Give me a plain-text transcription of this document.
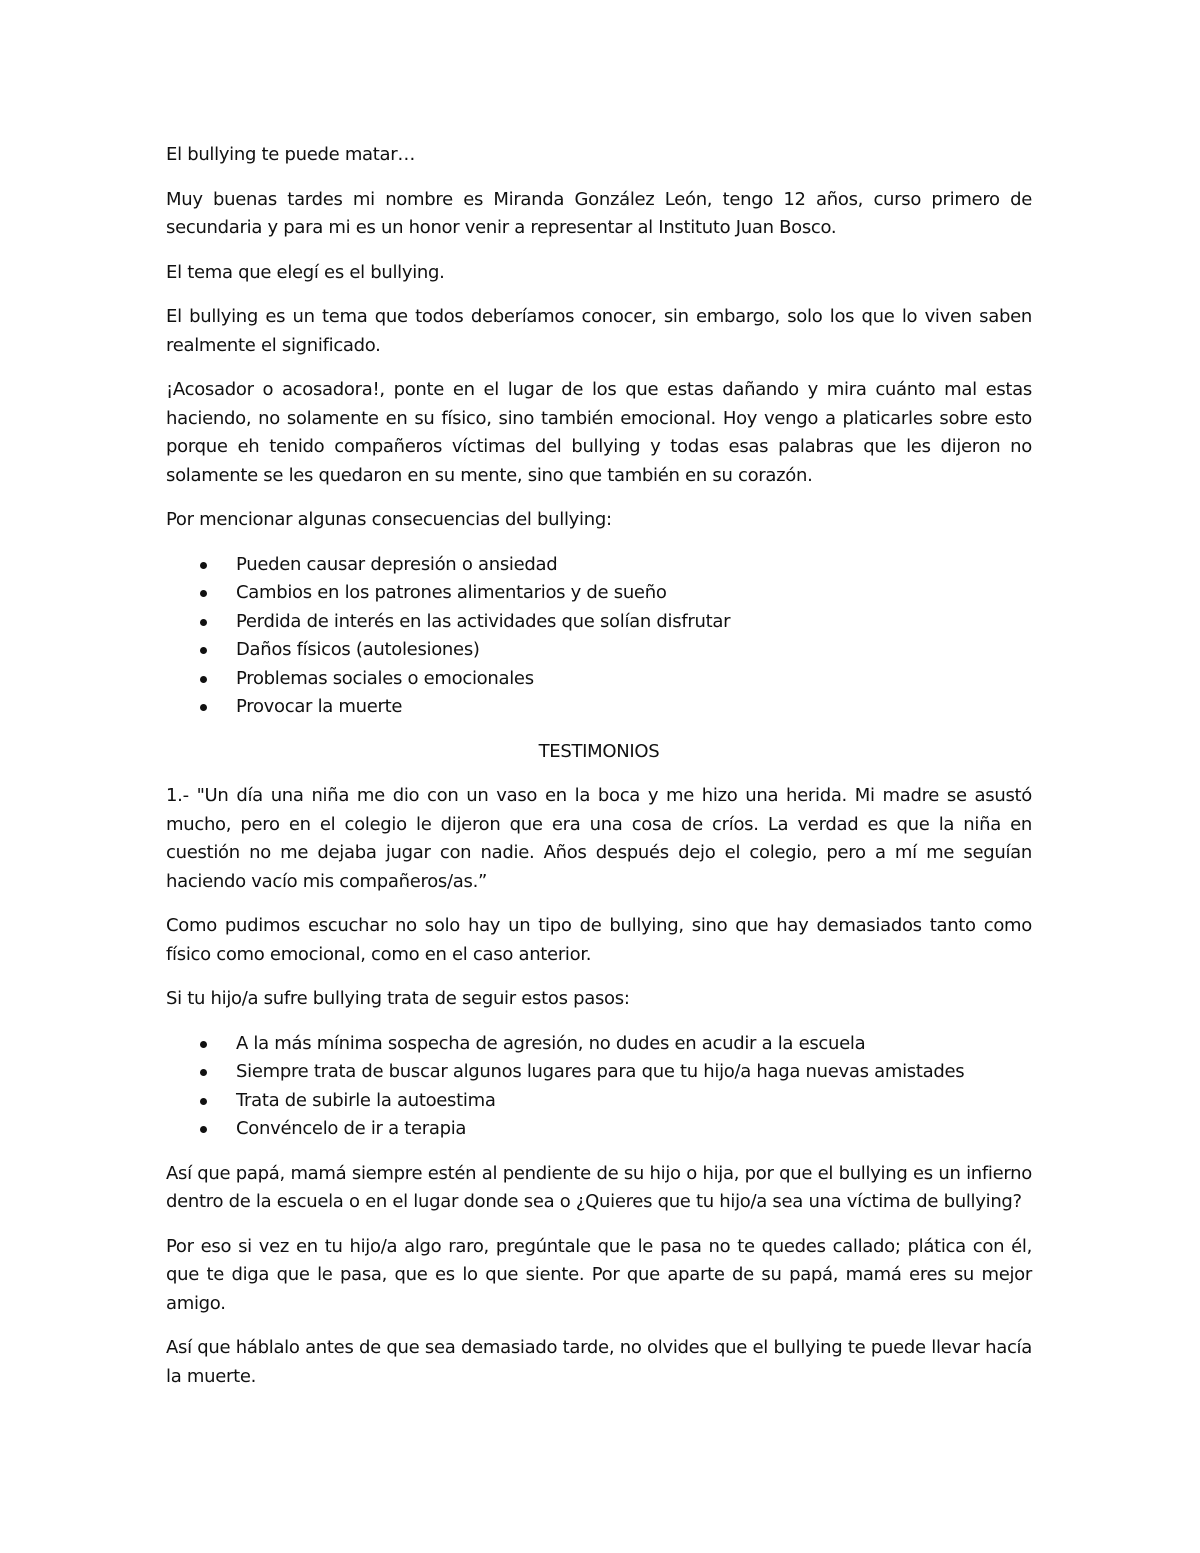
El bullying te puede matar…

Muy buenas tardes mi nombre es Miranda González León, tengo 12 años, curso primero de secundaria y para mi es un honor venir a representar al Instituto Juan Bosco.

El tema que elegí es el bullying.

El bullying es un tema que todos deberíamos conocer, sin embargo, solo los que lo viven saben realmente el significado.

¡Acosador o acosadora!, ponte en el lugar de los que estas dañando y mira cuánto mal estas haciendo, no solamente en su físico, sino también emocional. Hoy vengo a platicarles sobre esto porque eh tenido compañeros víctimas del bullying y todas esas palabras que les dijeron no solamente se les quedaron en su mente, sino que también en su corazón.

Por mencionar algunas consecuencias del bullying:

Pueden causar depresión o ansiedad
Cambios en los patrones alimentarios y de sueño
Perdida de interés en las actividades que solían disfrutar
Daños físicos (autolesiones)
Problemas sociales o emocionales
Provocar la muerte

TESTIMONIOS

1.- "Un día una niña me dio con un vaso en la boca y me hizo una herida. Mi madre se asustó mucho, pero en el colegio le dijeron que era una cosa de críos. La verdad es que la niña en cuestión no me dejaba jugar con nadie. Años después dejo el colegio, pero a mí me seguían haciendo vacío mis compañeros/as.”

Como pudimos escuchar no solo hay un tipo de bullying, sino que hay demasiados tanto como físico como emocional, como en el caso anterior.

Si tu hijo/a sufre bullying trata de seguir estos pasos:

A la más mínima sospecha de agresión, no dudes en acudir a la escuela
Siempre trata de buscar algunos lugares para que tu hijo/a haga nuevas amistades
Trata de subirle la autoestima
Convéncelo de ir a terapia

Así que papá, mamá siempre estén al pendiente de su hijo o hija, por que el bullying es un infierno dentro de la escuela o en el lugar donde sea o ¿Quieres que tu hijo/a sea una víctima de bullying?

Por eso si vez en tu hijo/a algo raro, pregúntale que le pasa no te quedes callado; plática con él, que te diga que le pasa, que es lo que siente. Por que aparte de su papá, mamá eres su mejor amigo.

Así que háblalo antes de que sea demasiado tarde, no olvides que el bullying te puede llevar hacía la muerte.
